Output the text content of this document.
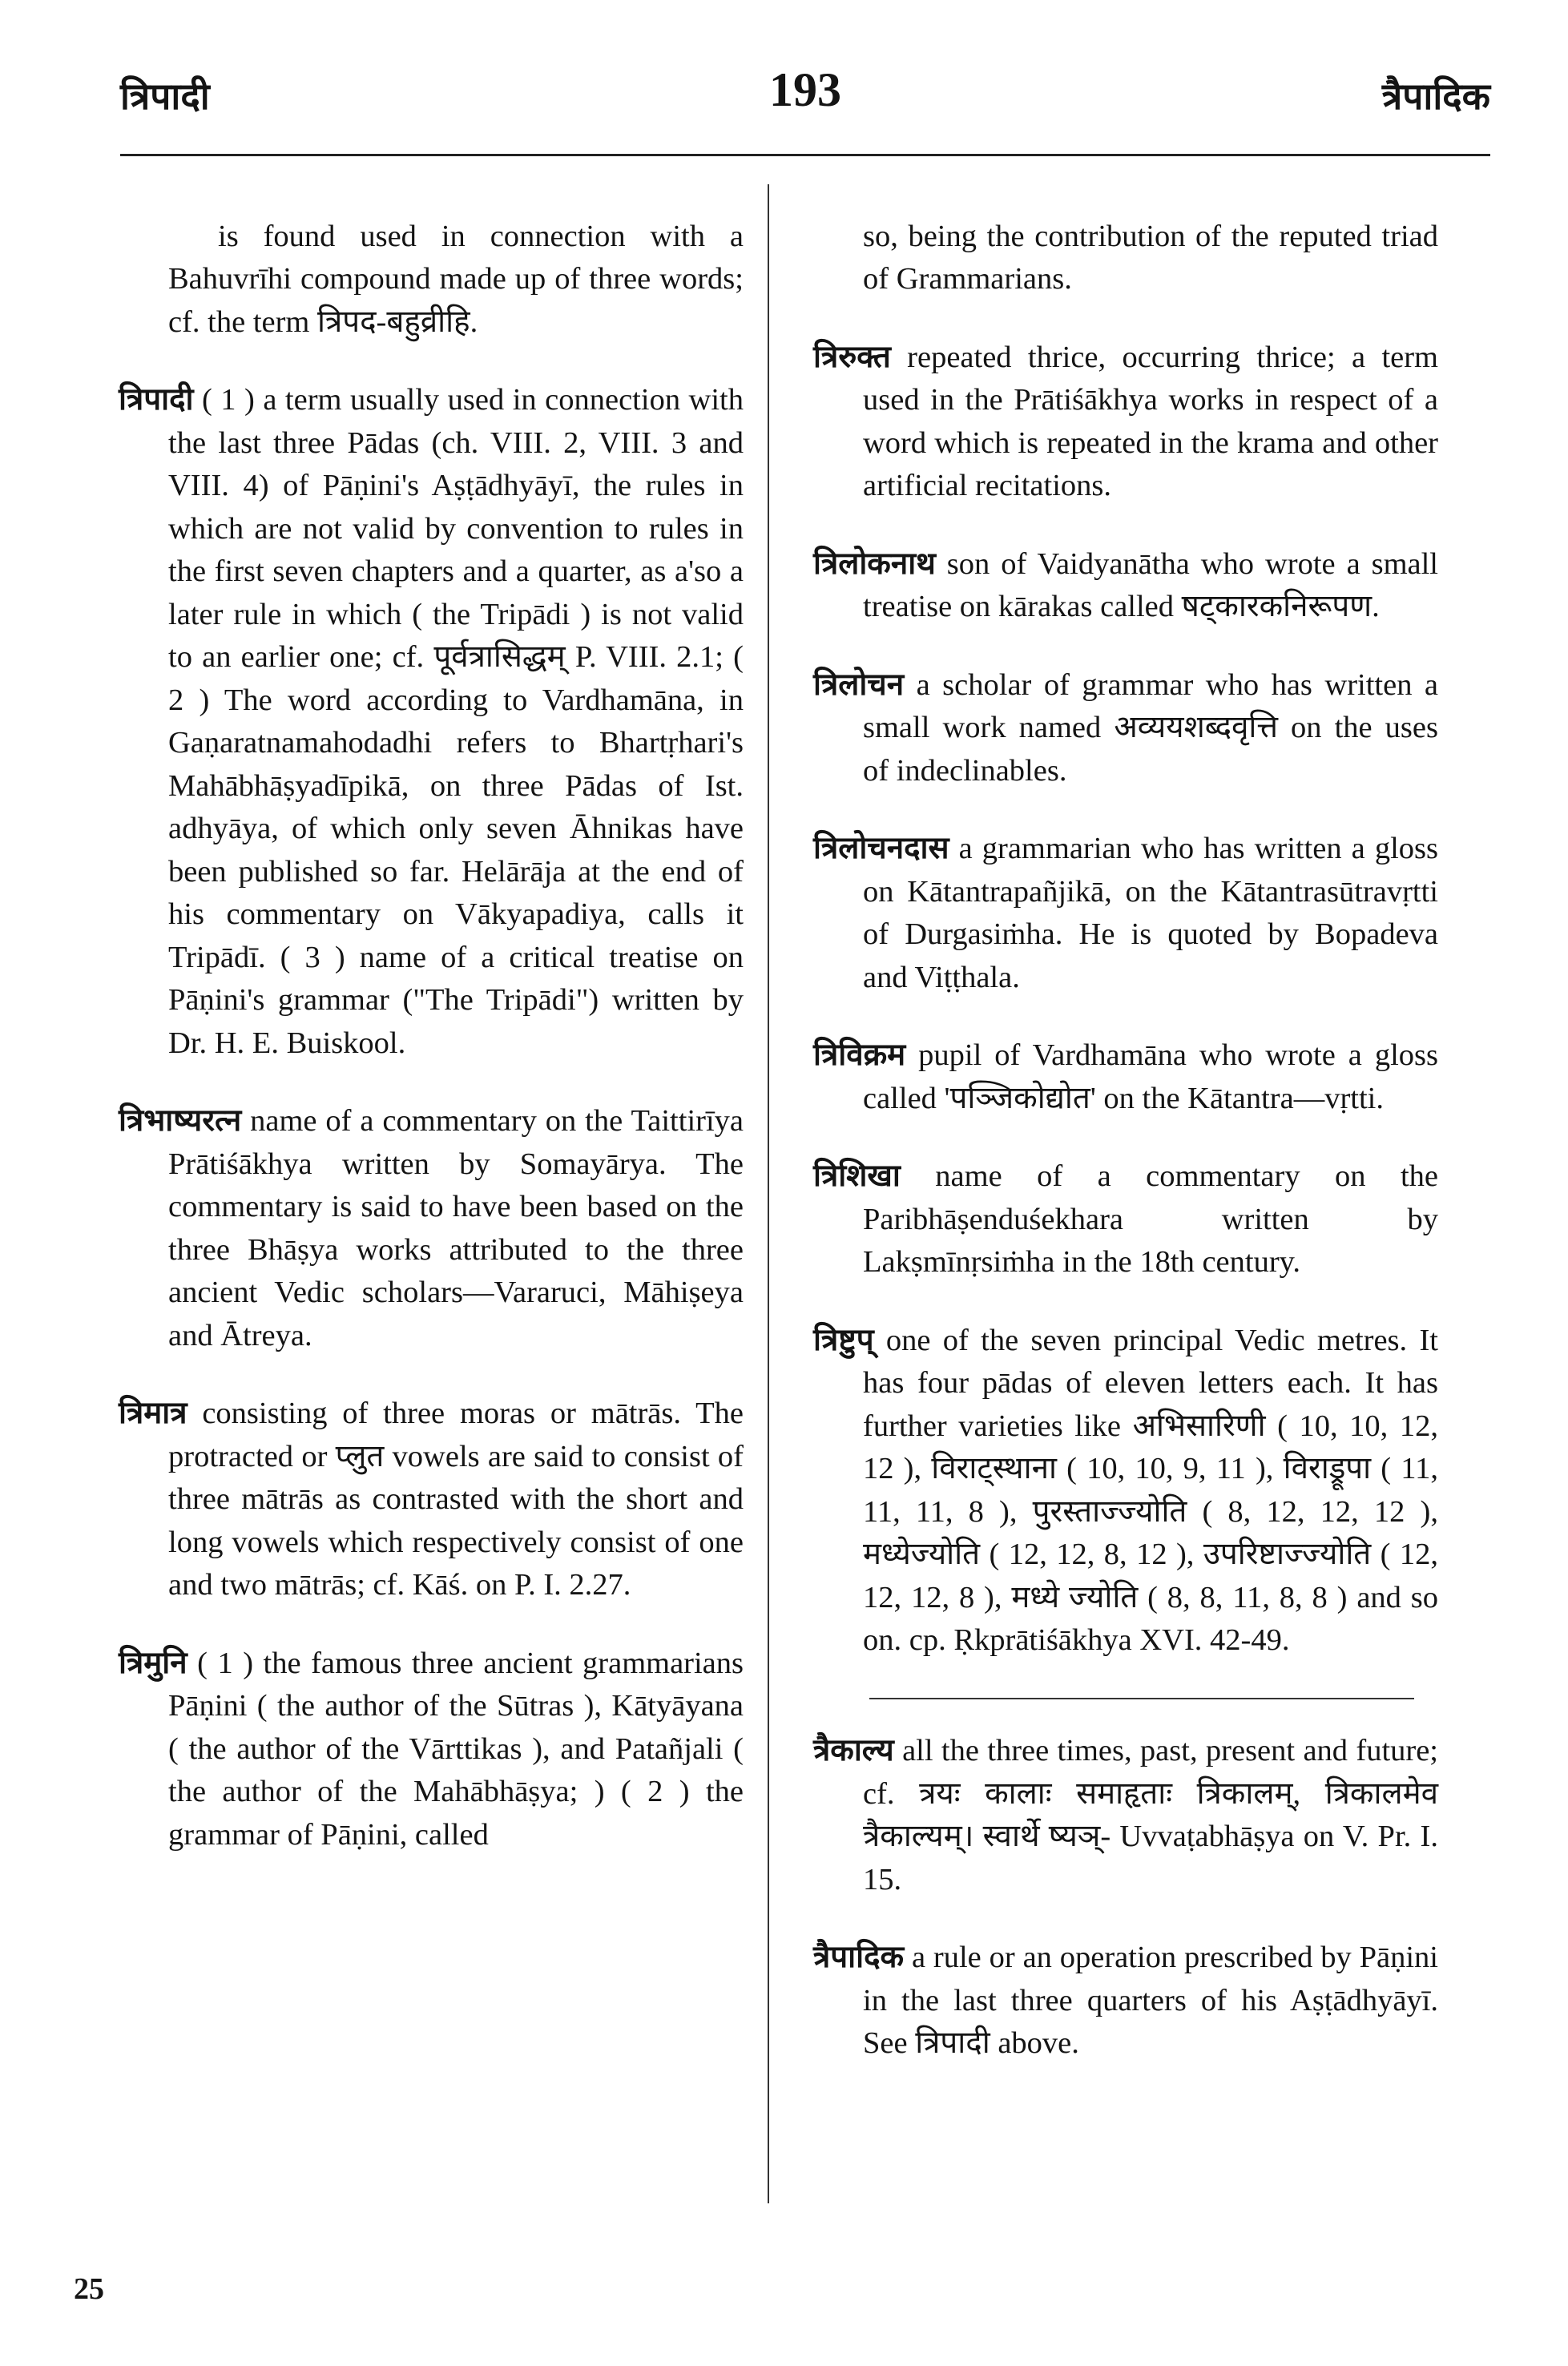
त्रिपादी	193	त्रैपादिक

is found used in connection with a Bahuvrīhi compound made up of three words; cf. the term त्रिपद-बहुव्रीहि.

त्रिपादी ( 1 ) a term usually used in connection with the last three Pādas (ch. VIII. 2, VIII. 3 and VIII. 4) of Pāṇini's Aṣṭādhyāyī, the rules in which are not valid by convention to rules in the first seven chapters and a quarter, as a'so a later rule in which ( the Tripādi ) is not valid to an earlier one; cf. पूर्वत्रासिद्धम् P. VIII. 2.1; ( 2 ) The word according to Vardhamāna, in Gaṇaratnamahodadhi refers to Bhartṛhari's Mahābhāṣyadīpikā, on three Pādas of Ist. adhyāya, of which only seven Āhnikas have been published so far. Helārāja at the end of his commentary on Vākyapadiya, calls it Tripādī. ( 3 ) name of a critical treatise on Pāṇini's grammar ("The Tripādi") written by Dr. H. E. Buiskool.

त्रिभाष्यरत्न name of a commentary on the Taittirīya Prātiśākhya written by Somayārya. The commentary is said to have been based on the three Bhāṣya works attributed to the three ancient Vedic scholars—Vararuci, Māhiṣeya and Ātreya.

त्रिमात्र consisting of three moras or mātrās. The protracted or प्लुत vowels are said to consist of three mātrās as contrasted with the short and long vowels which respectively consist of one and two mātrās; cf. Kāś. on P. I. 2.27.

त्रिमुनि ( 1 ) the famous three ancient grammarians Pāṇini ( the author of the Sūtras ), Kātyāyana ( the author of the Vārttikas ), and Patañjali ( the author of the Mahābhāṣya; ) ( 2 ) the grammar of Pāṇini, called

so, being the contribution of the reputed triad of Grammarians.

त्रिरुक्त repeated thrice, occurring thrice; a term used in the Prātiśākhya works in respect of a word which is repeated in the krama and other artificial recitations.

त्रिलोकनाथ son of Vaidyanātha who wrote a small treatise on kārakas called षट्कारकनिरूपण.

त्रिलोचन a scholar of grammar who has written a small work named अव्ययशब्दवृत्ति on the uses of indeclinables.

त्रिलोचनदास a grammarian who has written a gloss on Kātantrapañjikā, on the Kātantrasūtravṛtti of Durgasiṁha. He is quoted by Bopadeva and Viṭṭhala.

त्रिविक्रम pupil of Vardhamāna who wrote a gloss called 'पञ्जिकोद्योत' on the Kātantra—vṛtti.

त्रिशिखा name of a commentary on the Paribhāṣenduśekhara written by Lakṣmīnṛsiṁha in the 18th century.

त्रिष्टुप् one of the seven principal Vedic metres. It has four pādas of eleven letters each. It has further varieties like अभिसारिणी ( 10, 10, 12, 12 ), विराट्स्थाना ( 10, 10, 9, 11 ), विराड्रूपा ( 11, 11, 11, 8 ), पुरस्ताज्ज्योति ( 8, 12, 12, 12 ), मध्येज्योति ( 12, 12, 8, 12 ), उपरिष्टाज्ज्योति ( 12, 12, 12, 8 ), मध्ये ज्योति ( 8, 8, 11, 8, 8 ) and so on. cp. Ṛkprātiśākhya XVI. 42-49.

त्रैकाल्य all the three times, past, present and future; cf. त्रयः कालाः समाहृताः त्रिकालम्, त्रिकालमेव त्रैकाल्यम्। स्वार्थे ष्यञ्- Uvvaṭabhāṣya on V. Pr. I. 15.

त्रैपादिक a rule or an operation prescribed by Pāṇini in the last three quarters of his Aṣṭādhyāyī. See त्रिपादी above.

25
